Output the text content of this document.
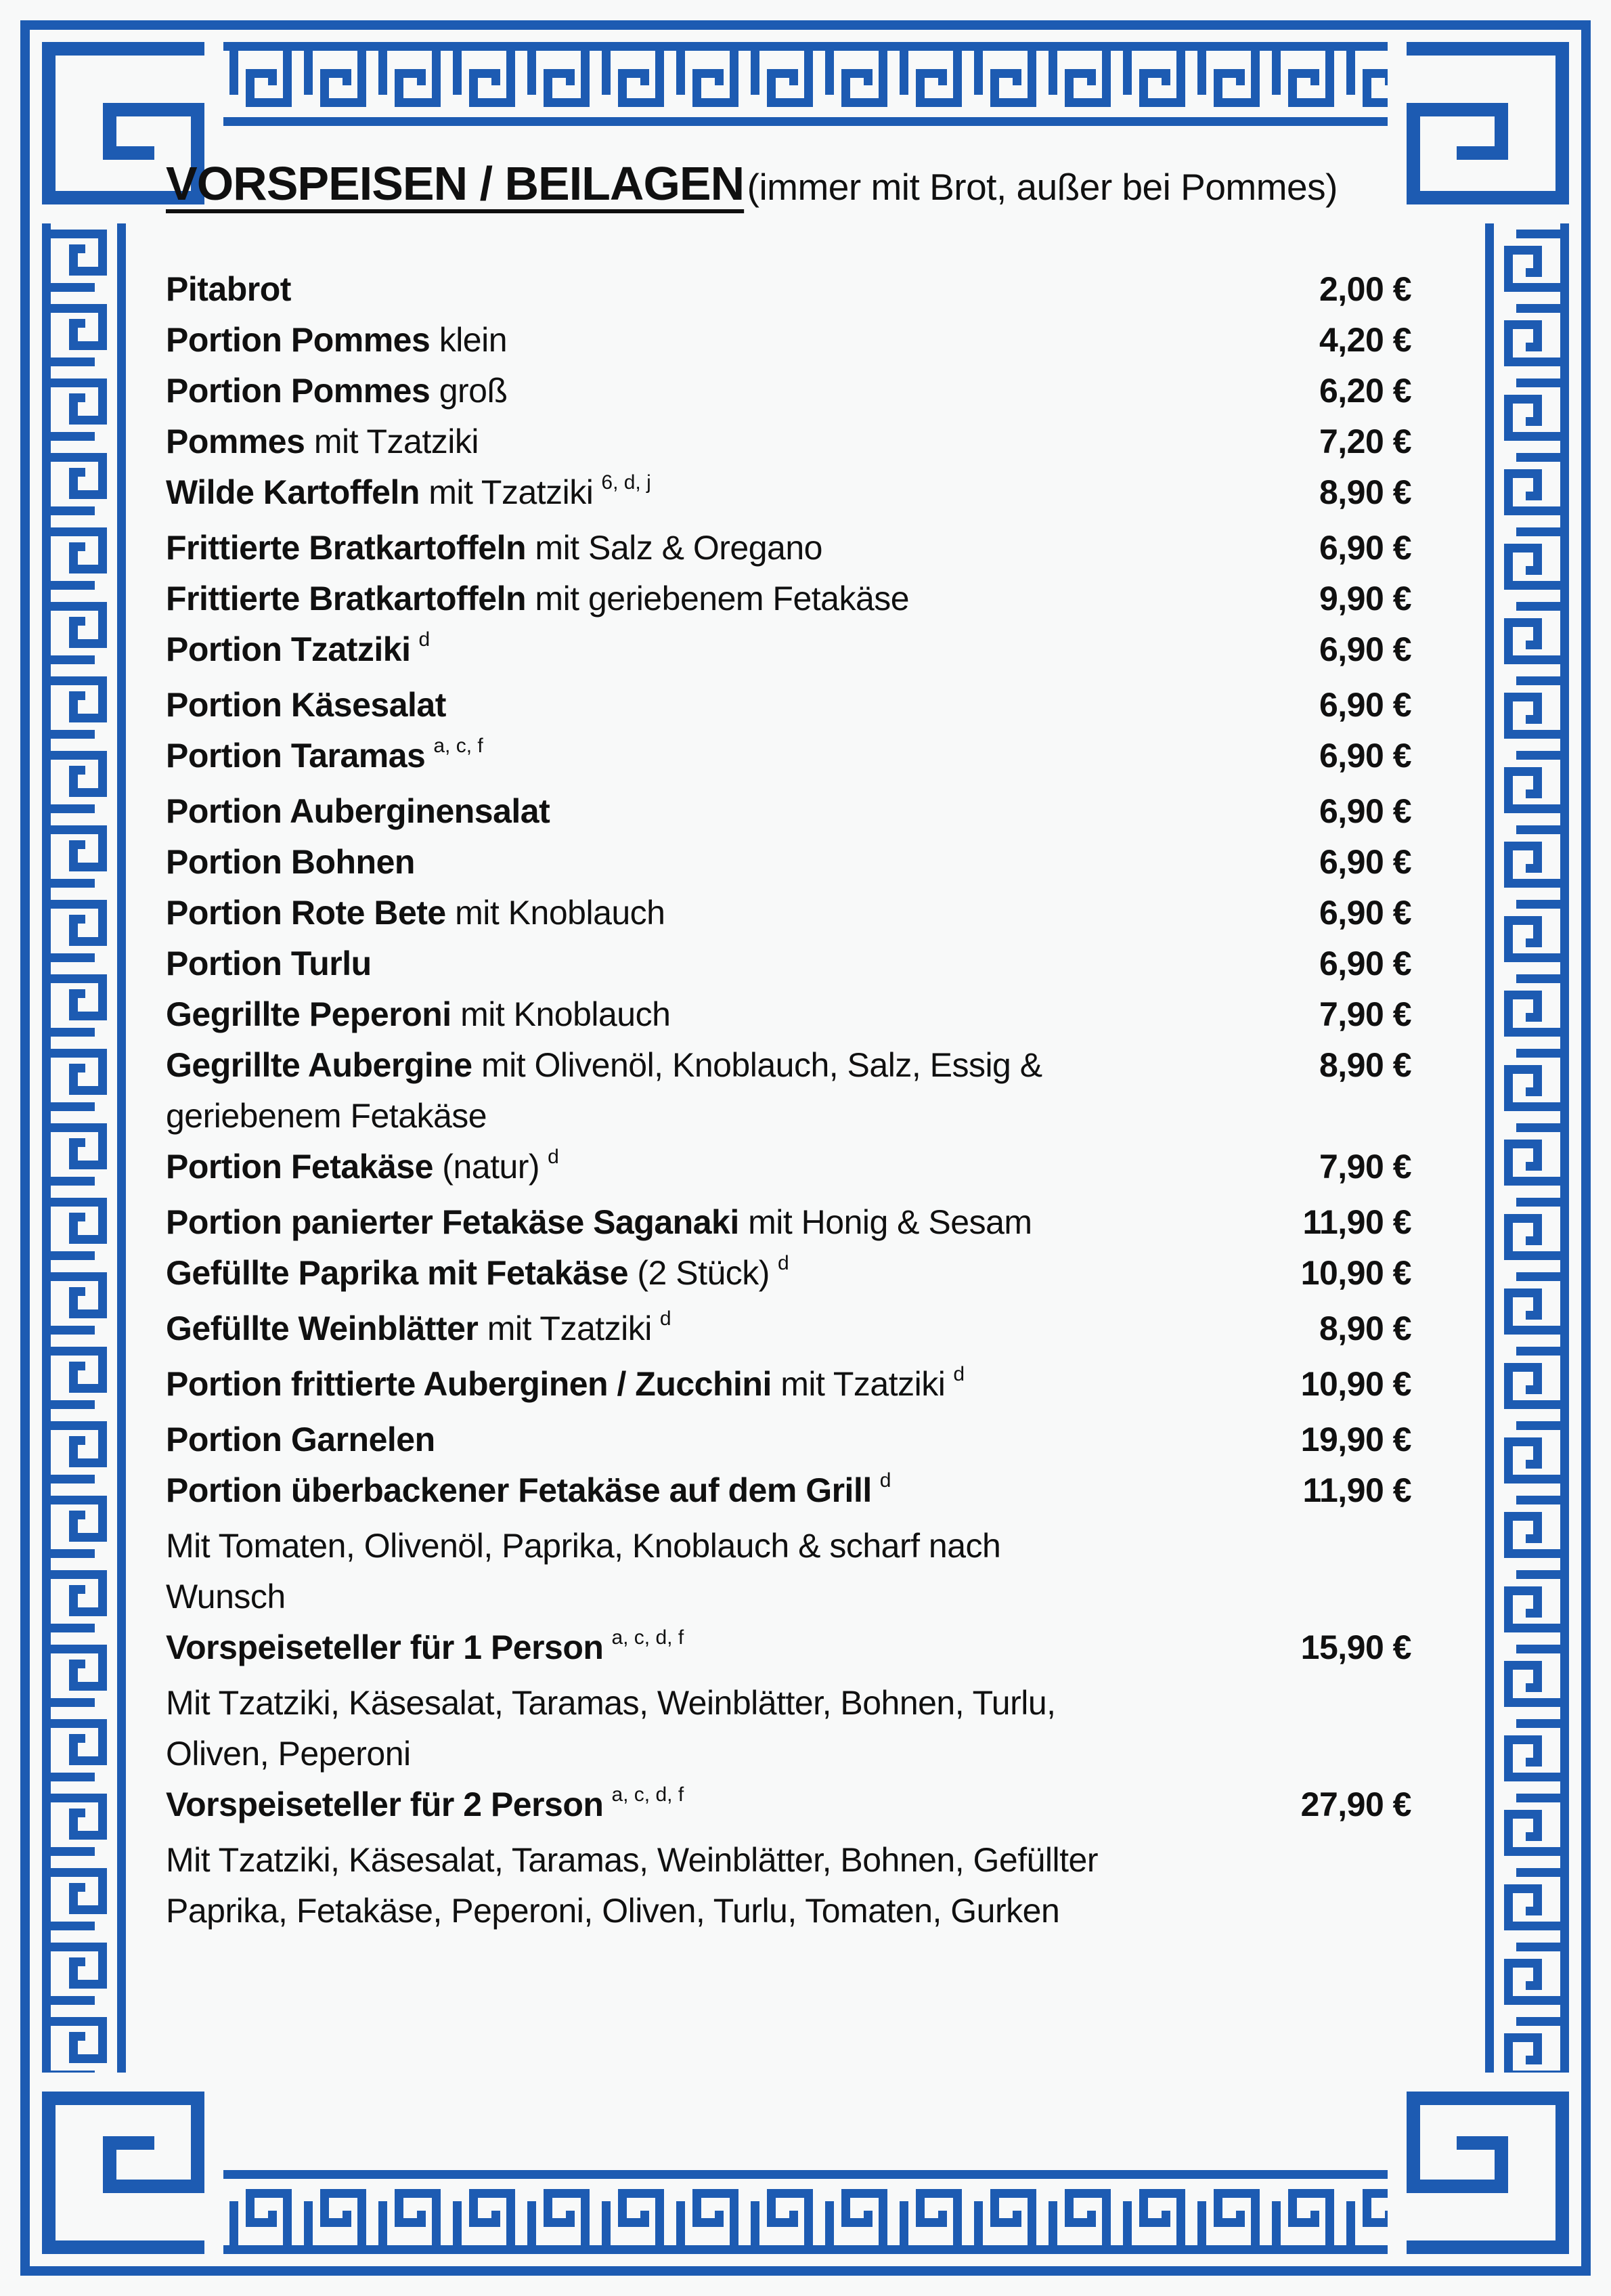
VORSPEISEN / BEILAGEN (immer mit Brot, außer bei Pommes)
Pitabrot	2,00 €
Portion Pommes klein	4,20 €
Portion Pommes groß	6,20 €
Pommes mit Tzatziki	7,20 €
Wilde Kartoffeln mit Tzatziki $^{6, d, j}$	8,90 €
Frittierte Bratkartoffeln mit Salz & Oregano	6,90 €
Frittierte Bratkartoffeln mit geriebenem Fetakäse	9,90 €
Portion Tzatziki $^d$	6,90 €
Portion Käsesalat	6,90 €
Portion Taramas $^{a, c, f}$	6,90 €
Portion Auberginensalat	6,90 €
Portion Bohnen	6,90 €
Portion Rote Bete mit Knoblauch	6,90 €
Portion Turlu	6,90 €
Gegrillte Peperoni mit Knoblauch	7,90 €
Gegrillte Aubergine mit Olivenöl, Knoblauch, Salz, Essig &	8,90 €
geriebenem Fetakäse
Portion Fetakäse (natur) $^d$	7,90 €
Portion panierter Fetakäse Saganaki mit Honig & Sesam	11,90 €
Gefüllte Paprika mit Fetakäse (2 Stück) $^d$	10,90 €
Gefüllte Weinblätter mit Tzatziki $^d$	8,90 €
Portion frittierte Auberginen / Zucchini mit Tzatziki $^d$	10,90 €
Portion Garnelen	19,90 €
Portion überbackener Fetakäse auf dem Grill $^d$	11,90 €
Mit Tomaten, Olivenöl, Paprika, Knoblauch & scharf nach
Wunsch
Vorspeiseteller für 1 Person $^{a, c, d, f}$	15,90 €
Mit Tzatziki, Käsesalat, Taramas, Weinblätter, Bohnen, Turlu,
Oliven, Peperoni
Vorspeiseteller für 2 Person $^{a, c, d, f}$	27,90 €
Mit Tzatziki, Käsesalat, Taramas, Weinblätter, Bohnen, Gefüllter
Paprika, Fetakäse, Peperoni, Oliven, Turlu, Tomaten, Gurken
